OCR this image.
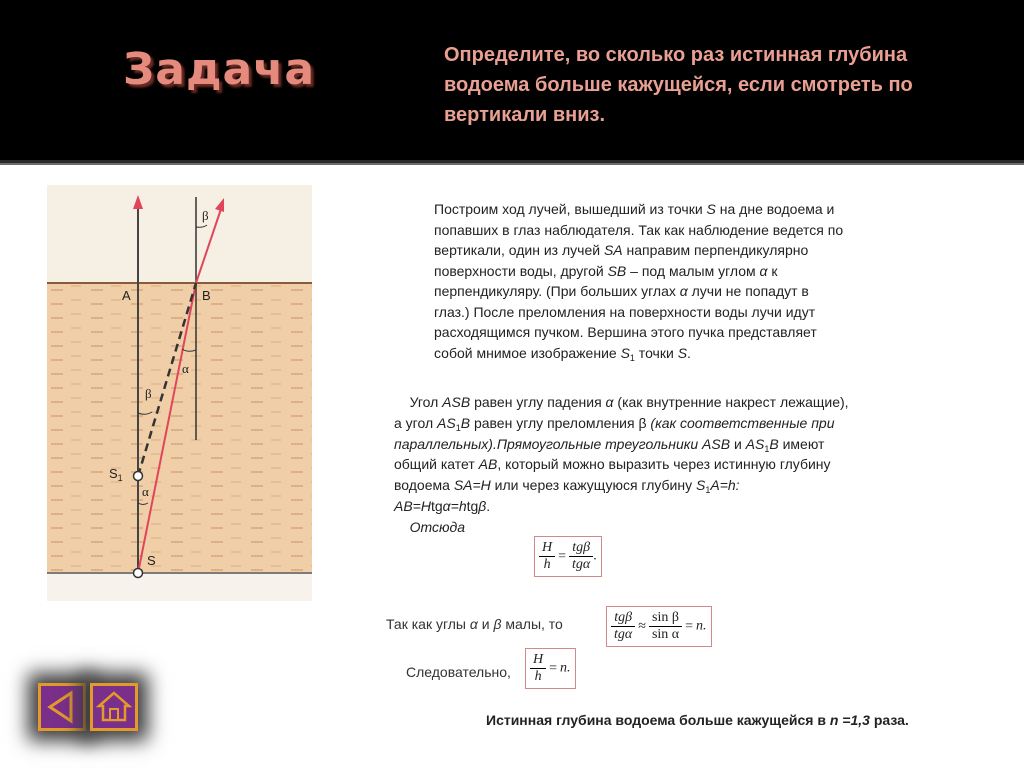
Задача	Определите, во сколько раз истинная глубина водоема больше кажущейся, если смотреть по вертикали вниз.
A	B
β
α
β
$S_1$
α
S
Построим ход лучей, вышедший из точки S на дне водоема и попавших в глаз наблюдателя. Так как наблюдение ведется по вертикали, один из лучей SA направим перпендикулярно поверхности воды, другой SB – под малым углом α к перпендикуляру. (При больших углах α лучи не попадут в глаз.) После преломления на поверхности воды лучи идут расходящимся пучком. Вершина этого пучка представляет собой мнимое изображение $S_1$ точки S.
Угол ASB равен углу падения α (как внутренние накрест лежащие), а угол $AS_1B$ равен углу преломления β (как соответственные при параллельных).Прямоугольные треугольники ASB и $AS_1B$ имеют общий катет AB, который можно выразить через истинную глубину водоема SA=H или через кажущуюся глубину $S_1A=h$:
AB=Htgα=htgβ.
Отсюда
$\frac{H}{h} = \frac{\text{tgβ}}{\text{tgα}}$ .
Так как углы α и β малы, то	$\frac{\text{tgβ}}{\text{tgα}} \approx \frac{\text{sin β}}{\text{sin α}} = n$.
Следовательно, $\frac{H}{h} = n$.
Истинная глубина водоема больше кажущейся в n =1,3 раза.
